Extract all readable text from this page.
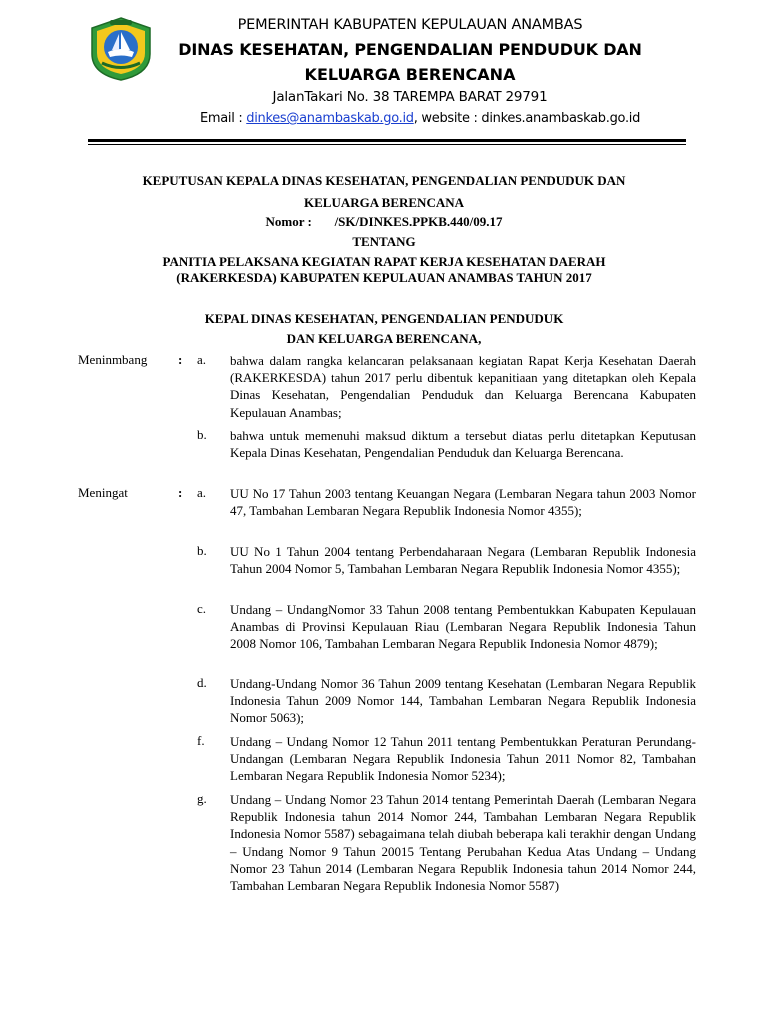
PEMERINTAH KABUPATEN KEPULAUAN ANAMBAS
DINAS KESEHATAN, PENGENDALIAN PENDUDUK DAN
KELUARGA BERENCANA
JalanTakari No. 38 TAREMPA BARAT 29791
Email : dinkes@anambaskab.go.id, website : dinkes.anambaskab.go.id
KEPUTUSAN KEPALA DINAS KESEHATAN, PENGENDALIAN PENDUDUK DAN
KELUARGA BERENCANA
Nomor :       /SK/DINKES.PPKB.440/09.17
TENTANG
PANITIA PELAKSANA KEGIATAN RAPAT KERJA KESEHATAN DAERAH
(RAKERKESDA) KABUPATEN KEPULAUAN ANAMBAS TAHUN 2017
KEPAL DINAS KESEHATAN, PENGENDALIAN PENDUDUK
DAN KELUARGA BERENCANA,
Meninmbang : a. bahwa dalam rangka kelancaran pelaksanaan kegiatan Rapat Kerja Kesehatan Daerah (RAKERKESDA) tahun 2017 perlu dibentuk kepanitiaan yang ditetapkan oleh Kepala Dinas Kesehatan, Pengendalian Penduduk dan Keluarga Berencana Kabupaten Kepulauan Anambas;
b. bahwa untuk memenuhi maksud diktum a tersebut diatas perlu ditetapkan Keputusan Kepala Dinas Kesehatan, Pengendalian Penduduk dan Keluarga Berencana.
Meningat	: a. UU No 17 Tahun 2003 tentang Keuangan Negara (Lembaran Negara tahun 2003 Nomor 47, Tambahan Lembaran Negara Republik Indonesia Nomor 4355);
b. UU No 1 Tahun 2004 tentang Perbendaharaan Negara (Lembaran Republik Indonesia Tahun 2004 Nomor 5, Tambahan Lembaran Negara Republik Indonesia Nomor 4355);
c. Undang – UndangNomor 33 Tahun 2008 tentang Pembentukkan Kabupaten Kepulauan Anambas di Provinsi Kepulauan Riau (Lembaran Negara Republik Indonesia Tahun 2008 Nomor 106, Tambahan Lembaran Negara Republik Indonesia Nomor 4879);
d. Undang-Undang Nomor 36 Tahun 2009 tentang Kesehatan (Lembaran Negara Republik Indonesia Tahun 2009 Nomor 144, Tambahan Lembaran Negara Republik Indonesia Nomor 5063);
f. Undang – Undang Nomor 12 Tahun 2011 tentang Pembentukkan Peraturan Perundang-Undangan (Lembaran Negara Republik Indonesia Tahun 2011 Nomor 82, Tambahan Lembaran Negara Republik Indonesia Nomor 5234);
g. Undang – Undang Nomor 23 Tahun 2014 tentang Pemerintah Daerah (Lembaran Negara Republik Indonesia tahun 2014 Nomor 244, Tambahan Lembaran Negara Republik Indonesia Nomor 5587) sebagaimana telah diubah beberapa kali terakhir dengan Undang – Undang Nomor 9 Tahun 20015 Tentang Perubahan Kedua Atas Undang – Undang Nomor 23 Tahun 2014 (Lembaran Negara Republik Indonesia tahun 2014 Nomor 244, Tambahan Lembaran Negara Republik Indonesia Nomor 5587)
